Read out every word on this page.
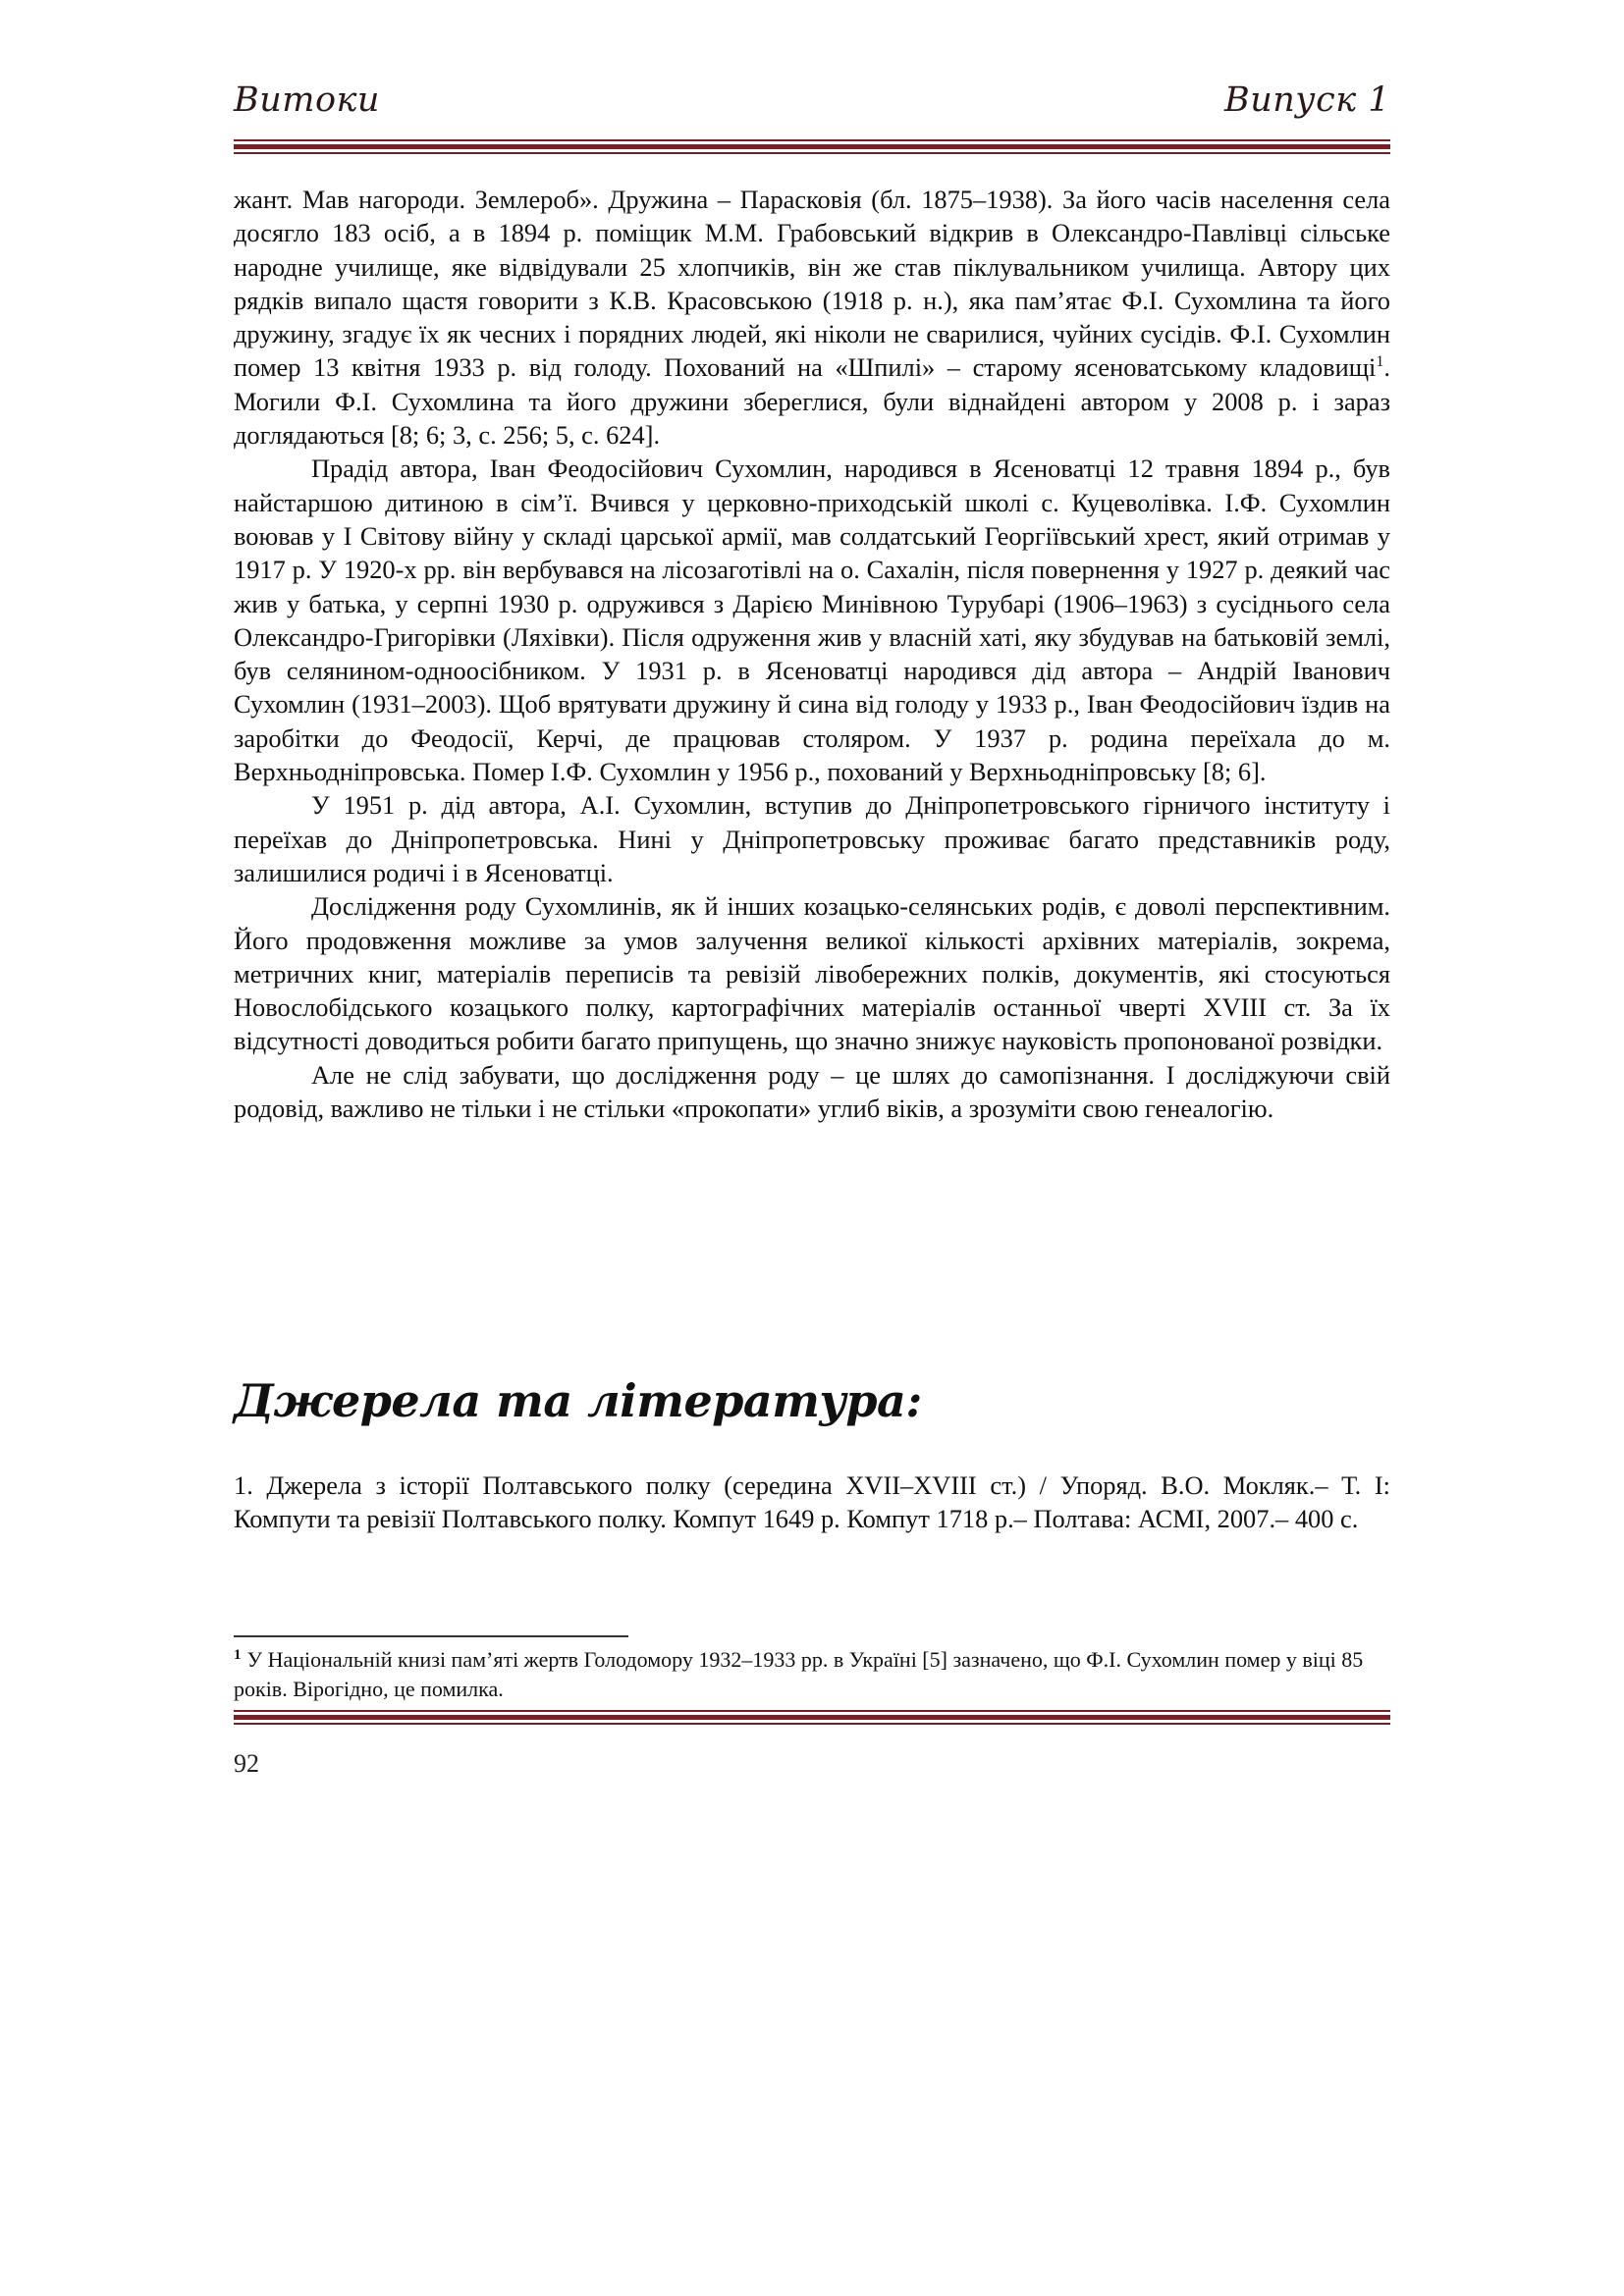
Витоки	Випуск 1

жант. Мав нагороди. Землероб». Дружина – Парасковія (бл. 1875–1938). За його часів населення села досягло 183 осіб, а в 1894 р. поміщик М.М. Грабовський відкрив в Олександро-Павлівці сільське народне училище, яке відвідували 25 хлопчиків, він же став піклувальником училища. Автору цих рядків випало щастя говорити з К.В. Красовською (1918 р. н.), яка пам’ятає Ф.І. Сухомлина та його дружину, згадує їх як чесних і порядних людей, які ніколи не сварилися, чуйних сусідів. Ф.І. Сухомлин помер 13 квітня 1933 р. від голоду. Похований на «Шпилі» – старому ясеноватському кладовищі$^1$. Могили Ф.І. Сухомлина та його дружини збереглися, були віднайдені автором у 2008 р. і зараз доглядаються [8; 6; 3, с. 256; 5, с. 624].

Прадід автора, Іван Феодосійович Сухомлин, народився в Ясеноватці 12 травня 1894 р., був найстаршою дитиною в сім’ї. Вчився у церковно-приходській школі с. Куцеволівка. І.Ф. Сухомлин воював у І Світову війну у складі царської армії, мав солдатський Георгіївський хрест, який отримав у 1917 р. У 1920-х рр. він вербувався на лісозаготівлі на о. Сахалін, після повернення у 1927 р. деякий час жив у батька, у серпні 1930 р. одружився з Дарією Минівною Турубарі (1906–1963) з сусіднього села Олександро-Григорівки (Ляхівки). Після одруження жив у власній хаті, яку збудував на батьковій землі, був селянином-одноосібником. У 1931 р. в Ясеноватці народився дід автора – Андрій Іванович Сухомлин (1931–2003). Щоб врятувати дружину й сина від голоду у 1933 р., Іван Феодосійович їздив на заробітки до Феодосії, Керчі, де працював столяром. У 1937 р. родина переїхала до м. Верхньодніпровська. Помер І.Ф. Сухомлин у 1956 р., похований у Верхньодніпровську [8; 6].

У 1951 р. дід автора, А.І. Сухомлин, вступив до Дніпропетровського гірничого інституту і переїхав до Дніпропетровська. Нині у Дніпропетровську проживає багато представників роду, залишилися родичі і в Ясеноватці.

Дослідження роду Сухомлинів, як й інших козацько-селянських родів, є доволі перспективним. Його продовження можливе за умов залучення великої кількості архівних матеріалів, зокрема, метричних книг, матеріалів переписів та ревізій лівобережних полків, документів, які стосуються Новослобідського козацького полку, картографічних матеріалів останньої чверті XVIII ст. За їх відсутності доводиться робити багато припущень, що значно знижує науковість пропонованої розвідки.

Але не слід забувати, що дослідження роду – це шлях до самопізнання. І досліджуючи свій родовід, важливо не тільки і не стільки «прокопати» углиб віків, а зрозуміти свою генеалогію.

Джерела та література:

1. Джерела з історії Полтавського полку (середина XVII–XVIII ст.) / Упоряд. В.О. Мокляк.– Т. І: Компути та ревізії Полтавського полку. Компут 1649 р. Компут 1718 р.– Полтава: АСМІ, 2007.– 400 с.

$^1$ У Національній книзі пам’яті жертв Голодомору 1932–1933 рр. в Україні [5] зазначено, що Ф.І. Сухомлин помер у віці 85 років. Вірогідно, це помилка.
92
